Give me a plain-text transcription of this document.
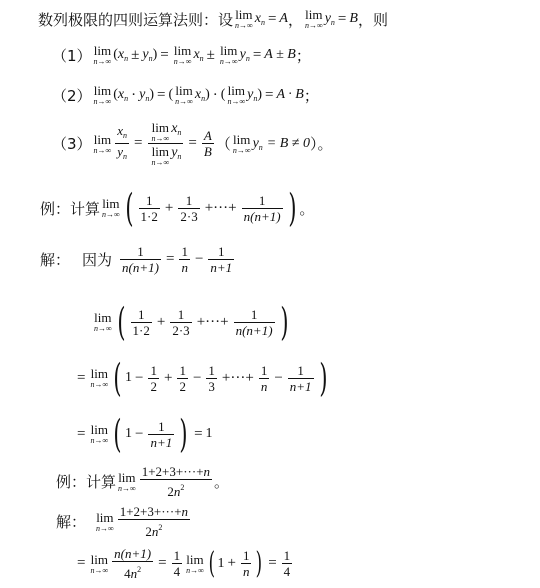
数列极限的四则运算法则：设 lim
n→∞ $x_n = A$ ， lim
n→∞ $y_n = B$ ，则
（1） lim
n→∞ ( $x_n \pm y_n$ ) = lim
n→∞ $x_n \pm \lim$
n→∞ $y_n = A \pm B$ ；
（2） lim
n→∞ ( $x_n \cdot y_n$ ) = ( lim
n→∞ $x_n$ ) · ( lim
n→∞ $y_n$ ) = A · B ；
（3） lim
$n\to\infty \frac{x_n}{y_n} = \lim$
n→∞
$x_n$
lim
n→∞
$y_n = \frac{A}{B}$ （ lim
n→∞ $y_n = B \ne 0$ ）。
例：计算 lim
n→∞ ( $\frac{1}{1\cdot 2} + \frac{1}{2\cdot 3}$ +···+ $\frac{1}{n(n+1)}$ ) 。
解： 因为 $\frac{1}{n(n+1)} = \frac{1}{n} - \frac{1}{n+1}$
lim
n→∞ ( $\frac{1}{1\cdot 2} + \frac{1}{2\cdot 3}$ +···+ $\frac{1}{n(n+1)}$ )
= lim
n→∞ ( $1 - \frac{1}{2} + \frac{1}{2} - \frac{1}{3}$ +···+ $\frac{1}{n} - \frac{1}{n+1}$ )
= lim
n→∞ ( $1 - \frac{1}{n+1}$ ) = 1
例：计算 lim
$n\to\infty \frac{1+2+3+\cdot\cdot\cdot+n}{2n^2}$ 。
解： lim
$n\to\infty \frac{1+2+3+\cdot\cdot\cdot+n}{2n^2}$
= lim
$n\to\infty \frac{n(n+1)}{4n^2} = \frac{1}{4}$ lim
n→∞ ( $1 + \frac{1}{n}$ ) = $\frac{1}{4}$
